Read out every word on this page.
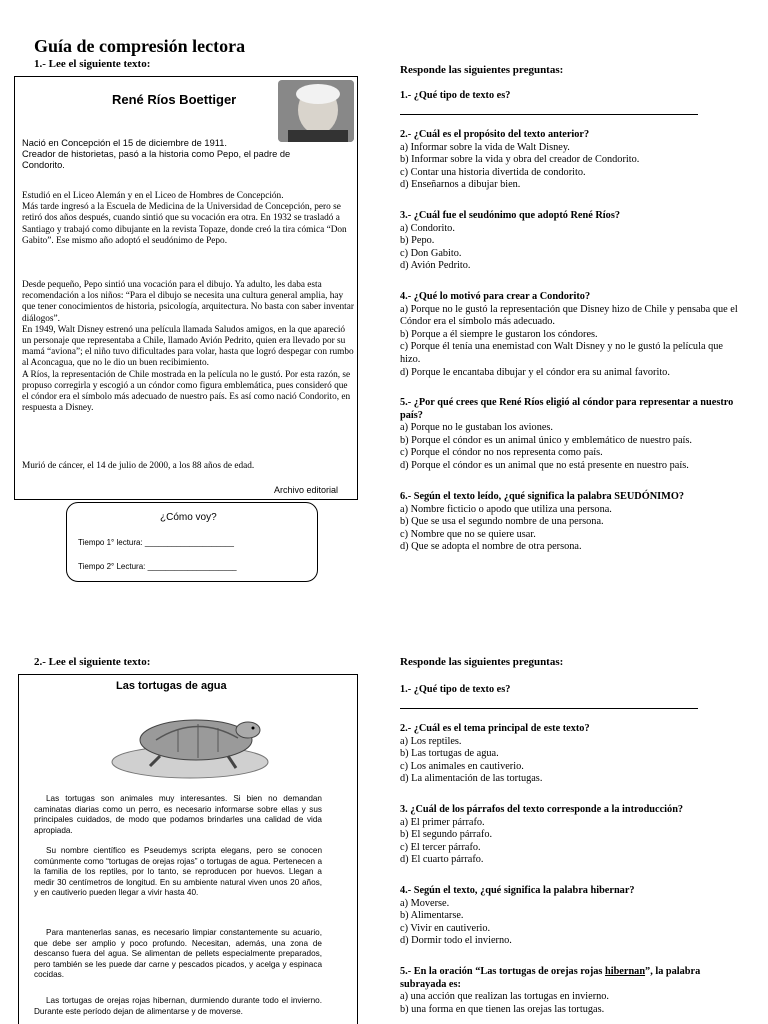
Guía de compresión lectora
1.- Lee el siguiente texto:
René Ríos Boettiger
Nació en Concepción el 15 de diciembre de 1911.
Creador de historietas, pasó a la historia como Pepo, el padre de Condorito.
Estudió en el Liceo Alemán y en el Liceo de Hombres de Concepción.
Más tarde ingresó a la Escuela de Medicina de la Universidad de Concepción, pero se retiró dos años después, cuando sintió que su vocación era otra. En 1932 se trasladó a Santiago y trabajó como dibujante en la revista Topaze, donde creó la tira cómica “Don Gabito”. Ese mismo año adoptó el seudónimo de Pepo.
Desde pequeño, Pepo sintió una vocación para el dibujo. Ya adulto, les daba esta recomendación a los niños: “Para el dibujo se necesita una cultura general amplia, hay que tener conocimientos de historia, psicología, arquitectura. No basta con saber inventar diálogos”.
En 1949, Walt Disney estrenó una película llamada Saludos amigos, en la que apareció un personaje que representaba a Chile, llamado Avión Pedrito, quien era llevado por su mamá “aviona”; el niño tuvo dificultades para volar, hasta que logró despegar con rumbo al Aconcagua, que no le dio un buen recibimiento.
A Ríos, la representación de Chile mostrada en la película no le gustó. Por esta razón, se propuso corregirla y escogió a un cóndor como figura emblemática, pues consideró que el cóndor era el símbolo más adecuado de nuestro país. Es así como nació Condorito, en respuesta a Disney.
Murió de cáncer, el 14 de julio de 2000, a los 88 años de edad.
Archivo editorial
¿Cómo voy?
Tiempo 1° lectura: ____________________
Tiempo 2° Lectura: ____________________
Responde las siguientes preguntas:
1.- ¿Qué tipo de texto es?
2.- ¿Cuál es el propósito del texto anterior?
a) Informar sobre la vida de Walt Disney.
b) Informar sobre la vida y obra del creador de Condorito.
c) Contar una historia divertida de condorito.
d) Enseñarnos a dibujar bien.
3.- ¿Cuál fue el seudónimo que adoptó René Ríos?
a) Condorito.
b) Pepo.
c) Don Gabito.
d) Avión Pedrito.
4.- ¿Qué lo motivó para crear a Condorito?
a) Porque no le gustó la representación que Disney hizo de Chile y pensaba que el Cóndor era el símbolo más adecuado.
b) Porque a él siempre le gustaron los cóndores.
c) Porque él tenía una enemistad con Walt Disney y no le gustó la película que hizo.
d) Porque le encantaba dibujar y el cóndor era su animal favorito.
5.- ¿Por qué crees que René Ríos eligió al cóndor para representar a nuestro país?
a) Porque no le gustaban los aviones.
b) Porque el cóndor es un animal único y emblemático de nuestro país.
c) Porque el cóndor no nos representa como país.
d) Porque el cóndor es un animal que no está presente en nuestro país.
6.- Según el texto leído, ¿qué significa la palabra SEUDÓNIMO?
a) Nombre ficticio o apodo que utiliza una persona.
b) Que se usa el segundo nombre de una persona.
c) Nombre que no se quiere usar.
d) Que se adopta el nombre de otra persona.
2.- Lee el siguiente texto:
Las tortugas de agua
Las tortugas son animales muy interesantes. Si bien no demandan caminatas diarias como un perro, es necesario informarse sobre ellas y sus principales cuidados, de modo que podamos brindarles una calidad de vida apropiada.
Su nombre científico es Pseudemys scripta elegans, pero se conocen comúnmente como “tortugas de orejas rojas” o tortugas de agua. Pertenecen a la familia de los reptiles, por lo tanto, se reproducen por huevos. Llegan a medir 30 centímetros de longitud. En su ambiente natural viven unos 20 años, y en cautiverio pueden llegar a vivir hasta 40.
Para mantenerlas sanas, es necesario limpiar constantemente su acuario, que debe ser amplio y poco profundo. Necesitan, además, una zona de descanso fuera del agua. Se alimentan de pellets especialmente preparados, pero también se les puede dar carne y pescados picados, y acelga y espinaca cocidas.
Las tortugas de orejas rojas hibernan, durmiendo durante todo el invierno. Durante este período dejan de alimentarse y de moverse.
Responde las siguientes preguntas:
1.- ¿Qué tipo de texto es?
2.- ¿Cuál es el tema principal de este texto?
a) Los reptiles.
b) Las tortugas de agua.
c) Los animales en cautiverio.
d) La alimentación de las tortugas.
3. ¿Cuál de los párrafos del texto corresponde a la introducción?
a) El primer párrafo.
b) El segundo párrafo.
c) El tercer párrafo.
d) El cuarto párrafo.
4.- Según el texto, ¿qué significa la palabra hibernar?
a) Moverse.
b) Alimentarse.
c) Vivir en cautiverio.
d) Dormir todo el invierno.
5.- En la oración “Las tortugas de orejas rojas hibernan”, la palabra subrayada es:
a) una acción que realizan las tortugas en invierno.
b) una forma en que tienen las orejas las tortugas.
